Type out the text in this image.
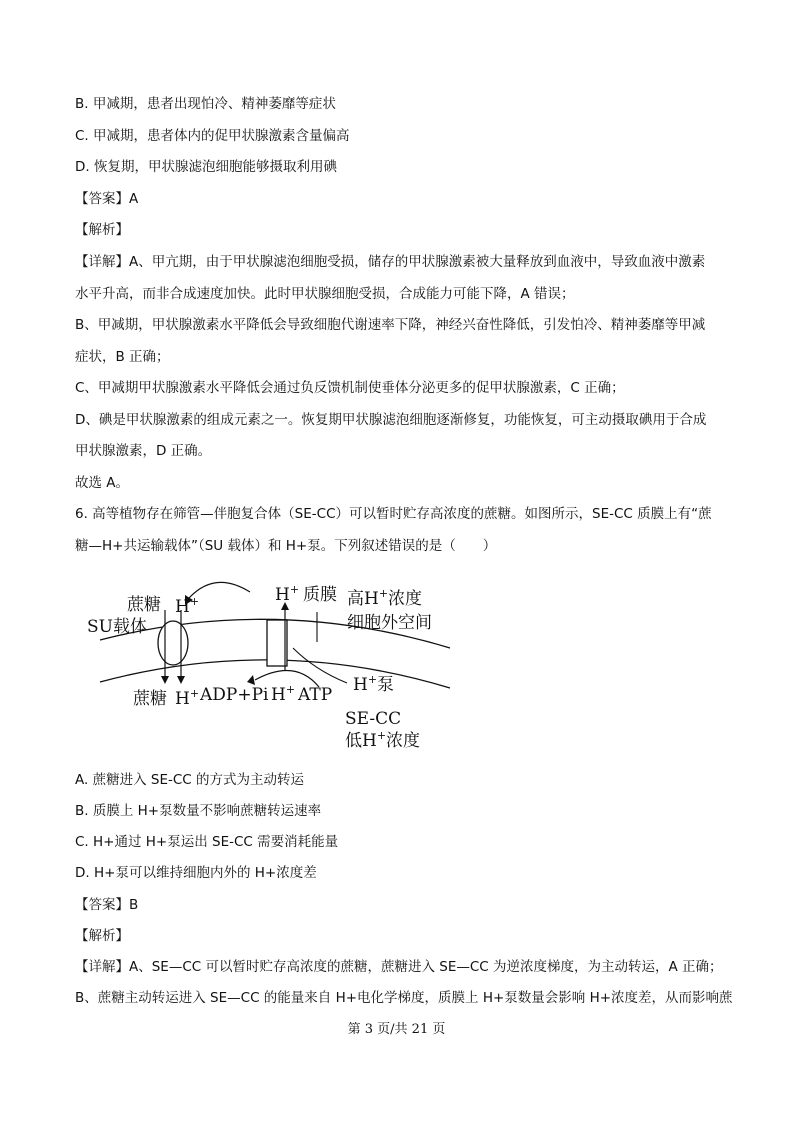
B. 甲减期，患者出现怕冷、精神萎靡等症状
C. 甲减期，患者体内的促甲状腺激素含量偏高
D. 恢复期，甲状腺滤泡细胞能够摄取利用碘
【答案】A
【解析】
【详解】A、甲亢期，由于甲状腺滤泡细胞受损，储存的甲状腺激素被大量释放到血液中，导致血液中激素
水平升高，而非合成速度加快。此时甲状腺细胞受损，合成能力可能下降，A 错误；
B、甲减期，甲状腺激素水平降低会导致细胞代谢速率下降，神经兴奋性降低，引发怕冷、精神萎靡等甲减
症状，B 正确；
C、甲减期甲状腺激素水平降低会通过负反馈机制使垂体分泌更多的促甲状腺激素，C 正确；
D、碘是甲状腺激素的组成元素之一。恢复期甲状腺滤泡细胞逐渐修复，功能恢复，可主动摄取碘用于合成
甲状腺激素，D 正确。
故选 A。
6. 高等植物存在筛管—伴胞复合体（SE-CC）可以暂时贮存高浓度的蔗糖。如图所示，SE-CC 质膜上有“蔗
糖—H+共运输载体”（SU 载体）和 H+泵。下列叙述错误的是（　　）
蔗糖 H+	H+ 质膜 高H+浓度
细胞外空间
SU载体
蔗糖 H+ ADP+Pi H+ ATP H+泵
SE-CC
低H+浓度
A. 蔗糖进入 SE-CC 的方式为主动转运
B. 质膜上 H+泵数量不影响蔗糖转运速率
C. H+通过 H+泵运出 SE-CC 需要消耗能量
D. H+泵可以维持细胞内外的 H+浓度差
【答案】B
【解析】
【详解】A、SE—CC 可以暂时贮存高浓度的蔗糖，蔗糖进入 SE—CC 为逆浓度梯度，为主动转运，A 正确；
B、蔗糖主动转运进入 SE—CC 的能量来自 H+电化学梯度，质膜上 H+泵数量会影响 H+浓度差，从而影响蔗
第 3 页/共 21 页
